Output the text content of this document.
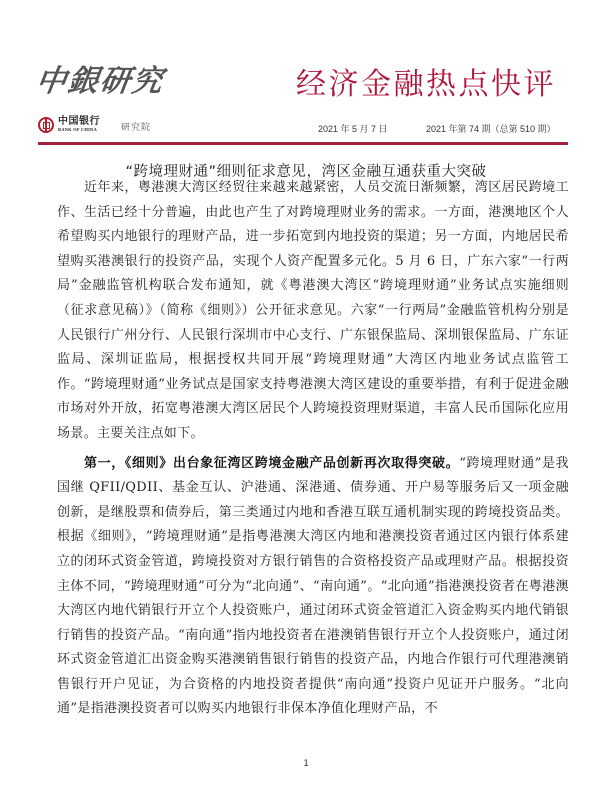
中銀研究
中国银行
BANK OF CHINA	研究院
经济金融热点快评
2021 年 5 月 7 日	2021 年第 74 期（总第 510 期）
“跨境理财通”细则征求意见，湾区金融互通获重大突破

近年来，粤港澳大湾区经贸往来越来越紧密，人员交流日渐频繁，湾区居民跨境工作、生活已经十分普遍，由此也产生了对跨境理财业务的需求。一方面，港澳地区个人希望购买内地银行的理财产品，进一步拓宽到内地投资的渠道；另一方面，内地居民希望购买港澳银行的投资产品，实现个人资产配置多元化。5 月 6 日，广东六家“一行两局”金融监管机构联合发布通知，就《粤港澳大湾区“跨境理财通”业务试点实施细则（征求意见稿）》（简称《细则》）公开征求意见。六家“一行两局”金融监管机构分别是人民银行广州分行、人民银行深圳市中心支行、广东银保监局、深圳银保监局、广东证监局、深圳证监局，根据授权共同开展“跨境理财通”大湾区内地业务试点监管工作。“跨境理财通”业务试点是国家支持粤港澳大湾区建设的重要举措，有利于促进金融市场对外开放，拓宽粤港澳大湾区居民个人跨境投资理财渠道，丰富人民币国际化应用场景。主要关注点如下。

第一，《细则》出台象征湾区跨境金融产品创新再次取得突破。“跨境理财通”是我国继 QFII/QDII、基金互认、沪港通、深港通、债券通、开户易等服务后又一项金融创新，是继股票和债券后，第三类通过内地和香港互联互通机制实现的跨境投资品类。根据《细则》，“跨境理财通”是指粤港澳大湾区内地和港澳投资者通过区内银行体系建立的闭环式资金管道，跨境投资对方银行销售的合资格投资产品或理财产品。根据投资主体不同，“跨境理财通”可分为“北向通”、“南向通”。“北向通”指港澳投资者在粤港澳大湾区内地代销银行开立个人投资账户，通过闭环式资金管道汇入资金购买内地代销银行销售的投资产品。“南向通”指内地投资者在港澳销售银行开立个人投资账户，通过闭环式资金管道汇出资金购买港澳销售银行销售的投资产品，内地合作银行可代理港澳销售银行开户见证，为合资格的内地投资者提供“南向通”投资户见证开户服务。“北向通”是指港澳投资者可以购买内地银行非保本净值化理财产品，不

1
